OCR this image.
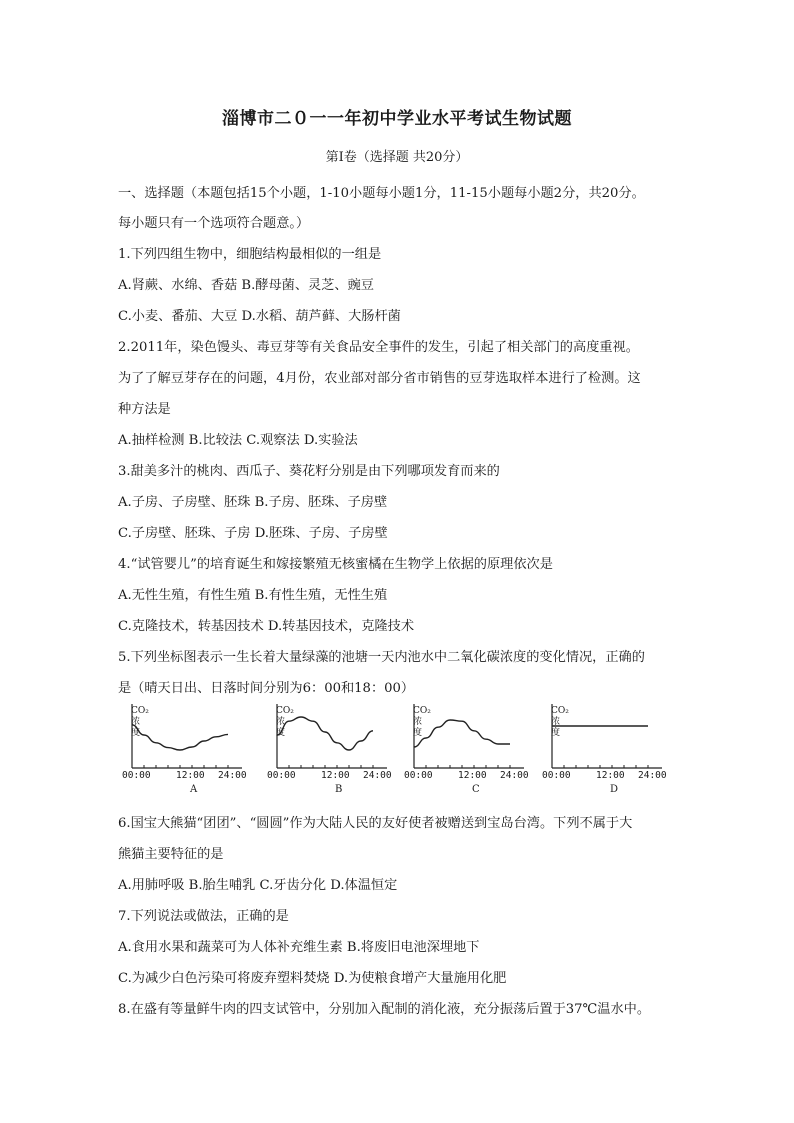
淄博市二０一一年初中学业水平考试生物试题
第Ⅰ卷（选择题 共20分）
一、选择题（本题包括15个小题，1-10小题每小题1分，11-15小题每小题2分，共20分。
每小题只有一个选项符合题意。）
1.下列四组生物中，细胞结构最相似的一组是
A.肾蕨、水绵、香菇 B.酵母菌、灵芝、豌豆
C.小麦、番茄、大豆 D.水稻、葫芦藓、大肠杆菌
2.2011年，染色馒头、毒豆芽等有关食品安全事件的发生，引起了相关部门的高度重视。
为了了解豆芽存在的问题，4月份，农业部对部分省市销售的豆芽选取样本进行了检测。这
种方法是
A.抽样检测 B.比较法 C.观察法 D.实验法
3.甜美多汁的桃肉、西瓜子、葵花籽分别是由下列哪项发育而来的
A.子房、子房壁、胚珠 B.子房、胚珠、子房壁
C.子房壁、胚珠、子房 D.胚珠、子房、子房壁
4.“试管婴儿”的培育诞生和嫁接繁殖无核蜜橘在生物学上依据的原理依次是
A.无性生殖，有性生殖 B.有性生殖，无性生殖
C.克隆技术，转基因技术 D.转基因技术，克隆技术
5.下列坐标图表示一生长着大量绿藻的池塘一天内池水中二氧化碳浓度的变化情况，正确的
是（晴天日出、日落时间分别为6：00和18：00）
CO₂浓度
00:00	12:00 24:00
A
CO₂浓度
00:00	12:00 24:00
B
CO₂浓度
00:00	12:00 24:00
C
CO₂浓度
00:00	12:00 24:00
D
6.国宝大熊猫“团团”、“圆圆”作为大陆人民的友好使者被赠送到宝岛台湾。下列不属于大
熊猫主要特征的是
A.用肺呼吸 B.胎生哺乳 C.牙齿分化 D.体温恒定
7.下列说法或做法，正确的是
A.食用水果和蔬菜可为人体补充维生素 B.将废旧电池深埋地下
C.为减少白色污染可将废弃塑料焚烧 D.为使粮食增产大量施用化肥
8.在盛有等量鲜牛肉的四支试管中，分别加入配制的消化液，充分振荡后置于37℃温水中。
